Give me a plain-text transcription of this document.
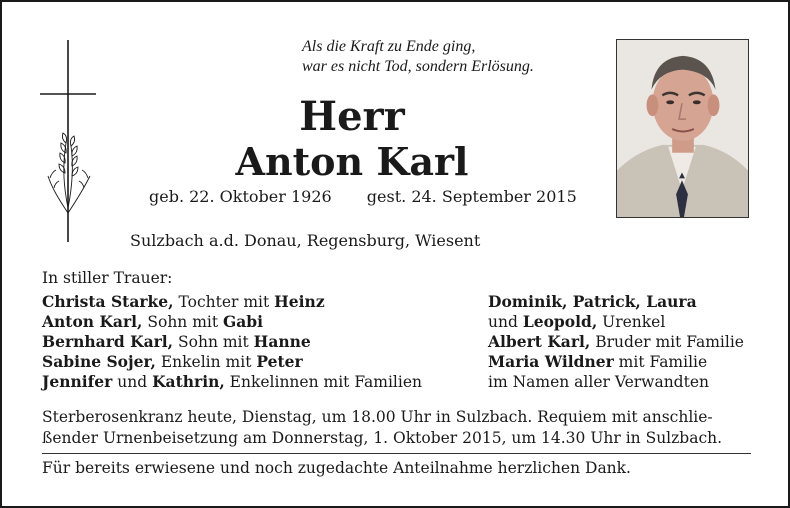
Als die Kraft zu Ende ging,
war es nicht Tod, sondern Erlösung.
Herr
Anton Karl
geb. 22. Oktober 1926 gest. 24. September 2015
Sulzbach a.d. Donau, Regensburg, Wiesent
In stiller Trauer:
Christa Starke, Tochter mit Heinz
Anton Karl, Sohn mit Gabi
Bernhard Karl, Sohn mit Hanne
Sabine Sojer, Enkelin mit Peter
Jennifer und Kathrin, Enkelinnen mit Familien
Dominik, Patrick, Laura
und Leopold, Urenkel
Albert Karl, Bruder mit Familie
Maria Wildner mit Familie
im Namen aller Verwandten
Sterberosenkranz heute, Dienstag, um 18.00 Uhr in Sulzbach. Requiem mit anschlie-
ßender Urnenbeisetzung am Donnerstag, 1. Oktober 2015, um 14.30 Uhr in Sulzbach.
Für bereits erwiesene und noch zugedachte Anteilnahme herzlichen Dank.
